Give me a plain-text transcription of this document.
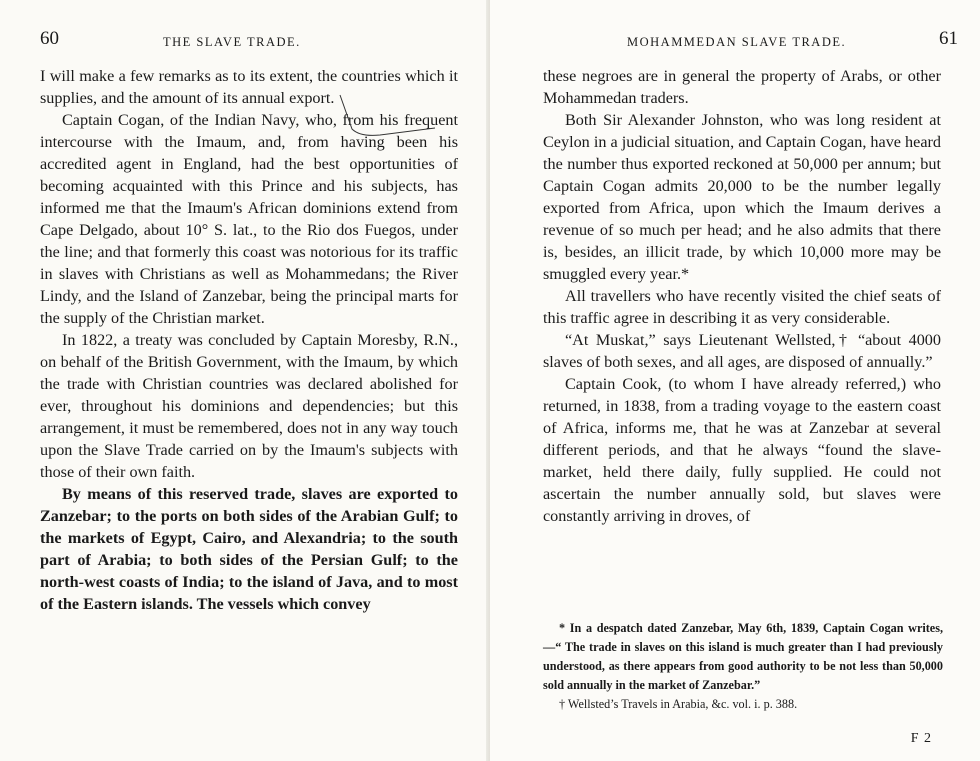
60	THE SLAVE TRADE.

I will make a few remarks as to its extent, the countries which it supplies, and the amount of its annual export.

Captain Cogan, of the Indian Navy, who, from his frequent intercourse with the Imaum, and, from having been his accredited agent in England, had the best opportunities of becoming acquainted with this Prince and his subjects, has informed me that the Imaum's African dominions extend from Cape Delgado, about 10° S. lat., to the Rio dos Fuegos, under the line; and that formerly this coast was notorious for its traffic in slaves with Christians as well as Mohammedans; the River Lindy, and the Island of Zanzebar, being the principal marts for the supply of the Christian market.

In 1822, a treaty was concluded by Captain Moresby, R.N., on behalf of the British Government, with the Imaum, by which the trade with Christian countries was declared abolished for ever, throughout his dominions and dependencies; but this arrangement, it must be remembered, does not in any way touch upon the Slave Trade carried on by the Imaum's subjects with those of their own faith.

By means of this reserved trade, slaves are exported to Zanzebar; to the ports on both sides of the Arabian Gulf; to the markets of Egypt, Cairo, and Alexandria; to the south part of Arabia; to both sides of the Persian Gulf; to the north-west coasts of India; to the island of Java, and to most of the Eastern islands. The vessels which convey

MOHAMMEDAN SLAVE TRADE.	61

these negroes are in general the property of Arabs, or other Mohammedan traders.

Both Sir Alexander Johnston, who was long resident at Ceylon in a judicial situation, and Captain Cogan, have heard the number thus exported reckoned at 50,000 per annum; but Captain Cogan admits 20,000 to be the number legally exported from Africa, upon which the Imaum derives a revenue of so much per head; and he also admits that there is, besides, an illicit trade, by which 10,000 more may be smuggled every year.*

All travellers who have recently visited the chief seats of this traffic agree in describing it as very considerable.

“At Muskat,” says Lieutenant Wellsted,† “about 4000 slaves of both sexes, and all ages, are disposed of annually.”

Captain Cook, (to whom I have already referred,) who returned, in 1838, from a trading voyage to the eastern coast of Africa, informs me, that he was at Zanzebar at several different periods, and that he always “found the slave-market, held there daily, fully supplied. He could not ascertain the number annually sold, but slaves were constantly arriving in droves, of

* In a despatch dated Zanzebar, May 6th, 1839, Captain Cogan writes,—“ The trade in slaves on this island is much greater than I had previously understood, as there appears from good authority to be not less than 50,000 sold annually in the market of Zanzebar.”

† Wellsted’s Travels in Arabia, &c. vol. i. p. 388.

F 2
